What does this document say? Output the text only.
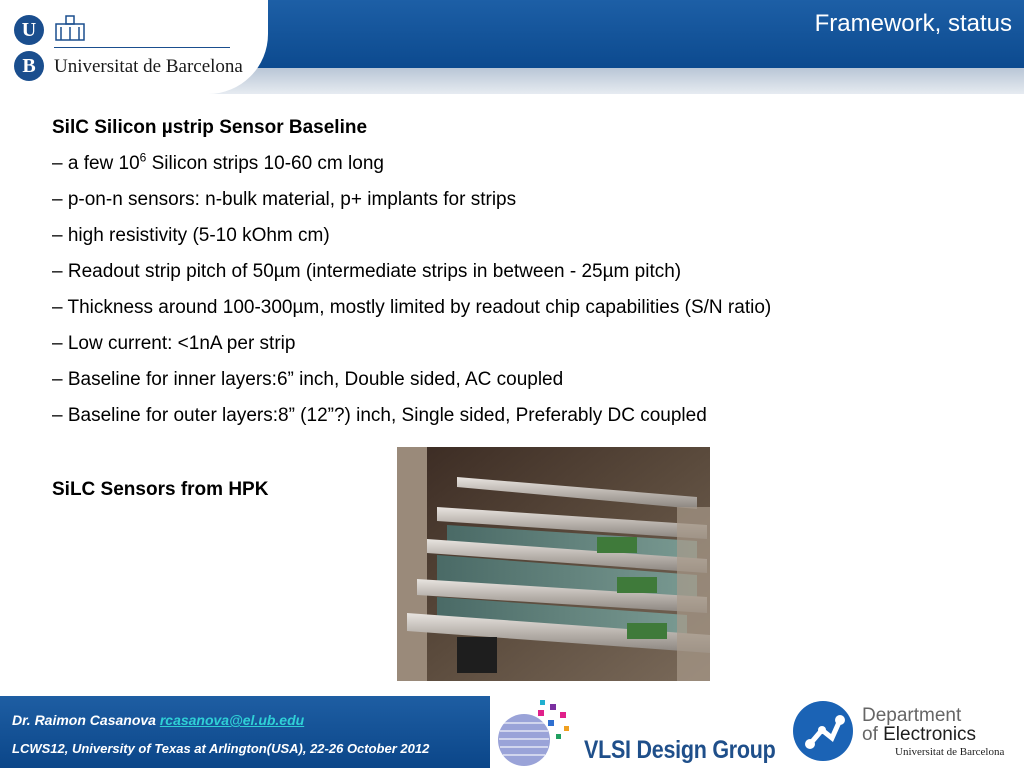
U
B Universitat de Barcelona
Framework, status
SilC Silicon µstrip Sensor Baseline
– a few $10^6$ Silicon strips 10-60 cm long
– p-on-n sensors: n-bulk material, p+ implants for strips
– high resistivity (5-10 kOhm cm)
– Readout strip pitch of 50µm (intermediate strips in between - 25µm pitch)
– Thickness around 100-300µm, mostly limited by readout chip capabilities (S/N ratio)
– Low current: <1nA per strip
– Baseline for inner layers:6” inch, Double sided, AC coupled
– Baseline for outer layers:8” (12”?) inch, Single sided, Preferably DC coupled
SiLC Sensors from HPK
Dr. Raimon Casanova rcasanova@el.ub.edu
LCWS12, University of Texas at Arlington(USA), 22-26 October 2012	VLSI Design Group
Department
of Electronics
Universitat de Barcelona
